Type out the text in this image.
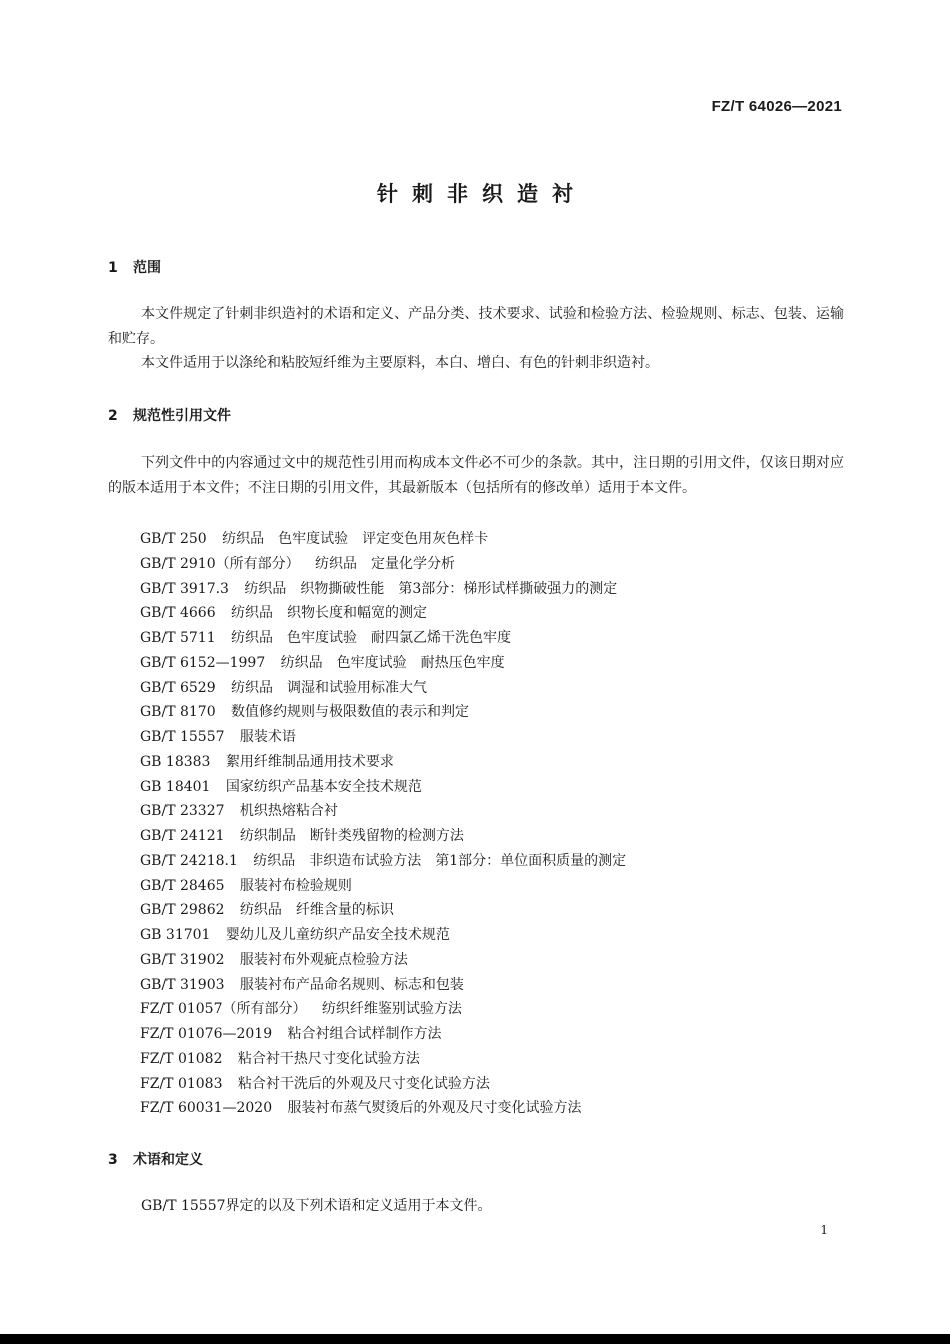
FZ/T 64026—2021
针刺非织造衬
1 范围
本文件规定了针刺非织造衬的术语和定义、产品分类、技术要求、试验和检验方法、检验规则、标志、包装、运输和贮存。
本文件适用于以涤纶和粘胶短纤维为主要原料，本白、增白、有色的针刺非织造衬。
2 规范性引用文件
下列文件中的内容通过文中的规范性引用而构成本文件必不可少的条款。其中，注日期的引用文件，仅该日期对应的版本适用于本文件；不注日期的引用文件，其最新版本（包括所有的修改单）适用于本文件。
GB/T 250 纺织品　色牢度试验　评定变色用灰色样卡
GB/T 2910（所有部分） 纺织品　定量化学分析
GB/T 3917.3 纺织品　织物撕破性能　第3部分：梯形试样撕破强力的测定
GB/T 4666 纺织品　织物长度和幅宽的测定
GB/T 5711 纺织品　色牢度试验　耐四氯乙烯干洗色牢度
GB/T 6152—1997 纺织品　色牢度试验　耐热压色牢度
GB/T 6529 纺织品　调湿和试验用标准大气
GB/T 8170 数值修约规则与极限数值的表示和判定
GB/T 15557 服装术语
GB 18383 絮用纤维制品通用技术要求
GB 18401 国家纺织产品基本安全技术规范
GB/T 23327 机织热熔粘合衬
GB/T 24121 纺织制品　断针类残留物的检测方法
GB/T 24218.1 纺织品　非织造布试验方法　第1部分：单位面积质量的测定
GB/T 28465 服装衬布检验规则
GB/T 29862 纺织品　纤维含量的标识
GB 31701 婴幼儿及儿童纺织产品安全技术规范
GB/T 31902 服装衬布外观疵点检验方法
GB/T 31903 服装衬布产品命名规则、标志和包装
FZ/T 01057（所有部分） 纺织纤维鉴别试验方法
FZ/T 01076—2019 粘合衬组合试样制作方法
FZ/T 01082 粘合衬干热尺寸变化试验方法
FZ/T 01083 粘合衬干洗后的外观及尺寸变化试验方法
FZ/T 60031—2020 服装衬布蒸气熨烫后的外观及尺寸变化试验方法
3 术语和定义
GB/T 15557界定的以及下列术语和定义适用于本文件。
1
